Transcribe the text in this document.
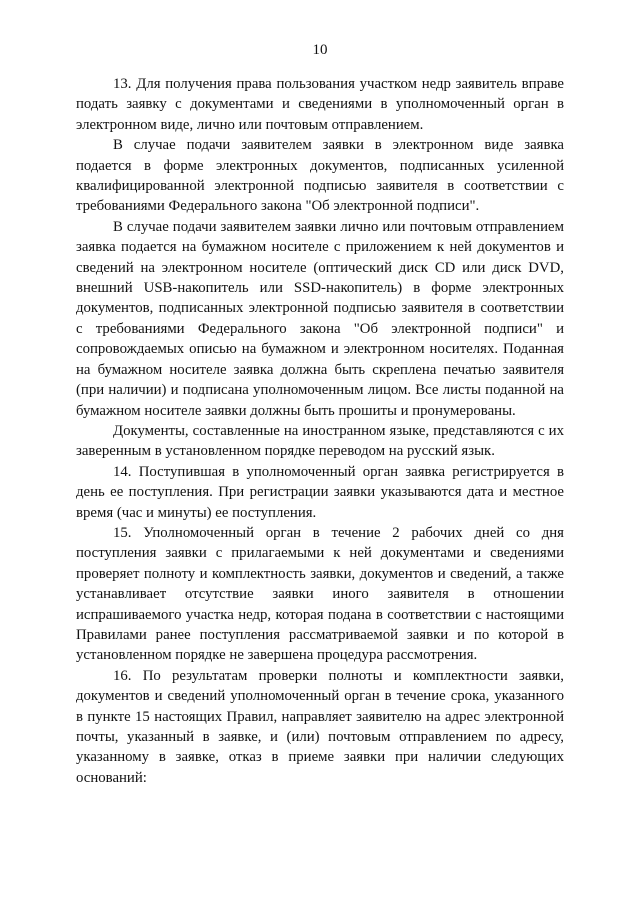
10

13. Для получения права пользования участком недр заявитель вправе подать заявку с документами и сведениями в уполномоченный орган в электронном виде, лично или почтовым отправлением.

В случае подачи заявителем заявки в электронном виде заявка подается в форме электронных документов, подписанных усиленной квалифицированной электронной подписью заявителя в соответствии с требованиями Федерального закона "Об электронной подписи".

В случае подачи заявителем заявки лично или почтовым отправлением заявка подается на бумажном носителе с приложением к ней документов и сведений на электронном носителе (оптический диск CD или диск DVD, внешний USB-накопитель или SSD-накопитель) в форме электронных документов, подписанных электронной подписью заявителя в соответствии с требованиями Федерального закона "Об электронной подписи" и сопровождаемых описью на бумажном и электронном носителях. Поданная на бумажном носителе заявка должна быть скреплена печатью заявителя (при наличии) и подписана уполномоченным лицом. Все листы поданной на бумажном носителе заявки должны быть прошиты и пронумерованы.

Документы, составленные на иностранном языке, представляются с их заверенным в установленном порядке переводом на русский язык.

14. Поступившая в уполномоченный орган заявка регистрируется в день ее поступления. При регистрации заявки указываются дата и местное время (час и минуты) ее поступления.

15. Уполномоченный орган в течение 2 рабочих дней со дня поступления заявки с прилагаемыми к ней документами и сведениями проверяет полноту и комплектность заявки, документов и сведений, а также устанавливает отсутствие заявки иного заявителя в отношении испрашиваемого участка недр, которая подана в соответствии с настоящими Правилами ранее поступления рассматриваемой заявки и по которой в установленном порядке не завершена процедура рассмотрения.

16. По результатам проверки полноты и комплектности заявки, документов и сведений уполномоченный орган в течение срока, указанного в пункте 15 настоящих Правил, направляет заявителю на адрес электронной почты, указанный в заявке, и (или) почтовым отправлением по адресу, указанному в заявке, отказ в приеме заявки при наличии следующих оснований:
